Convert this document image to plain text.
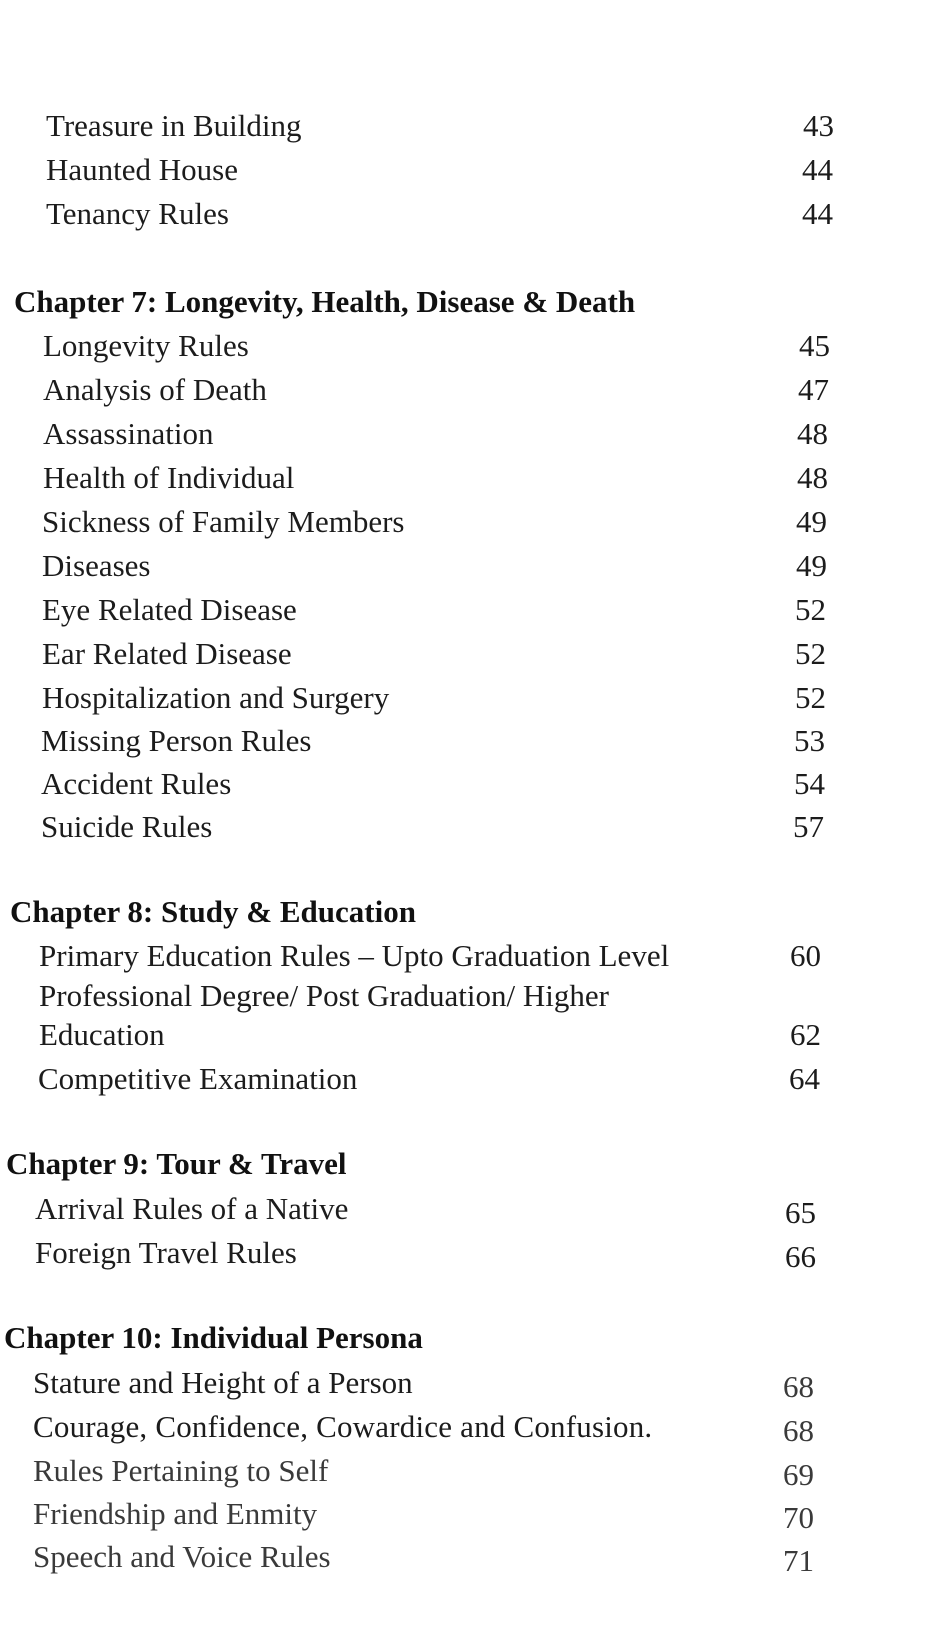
Treasure in Building	43
Haunted House	44
Tenancy Rules	44
Chapter 7: Longevity, Health, Disease & Death
Longevity Rules	45
Analysis of Death	47
Assassination	48
Health of Individual	48
Sickness of Family Members	49
Diseases	49
Eye Related Disease	52
Ear Related Disease	52
Hospitalization and Surgery	52
Missing Person Rules	53
Accident Rules	54
Suicide Rules	57
Chapter 8: Study & Education
Primary Education Rules – Upto Graduation Level	60
Professional Degree/ Post Graduation/ Higher
Education	62
Competitive Examination	64
Chapter 9: Tour & Travel
Arrival Rules of a Native	65
Foreign Travel Rules	66
Chapter 10: Individual Persona
Stature and Height of a Person	68
Courage, Confidence, Cowardice and Confusion.	68
Rules Pertaining to Self	69
Friendship and Enmity	70
Speech and Voice Rules	71
